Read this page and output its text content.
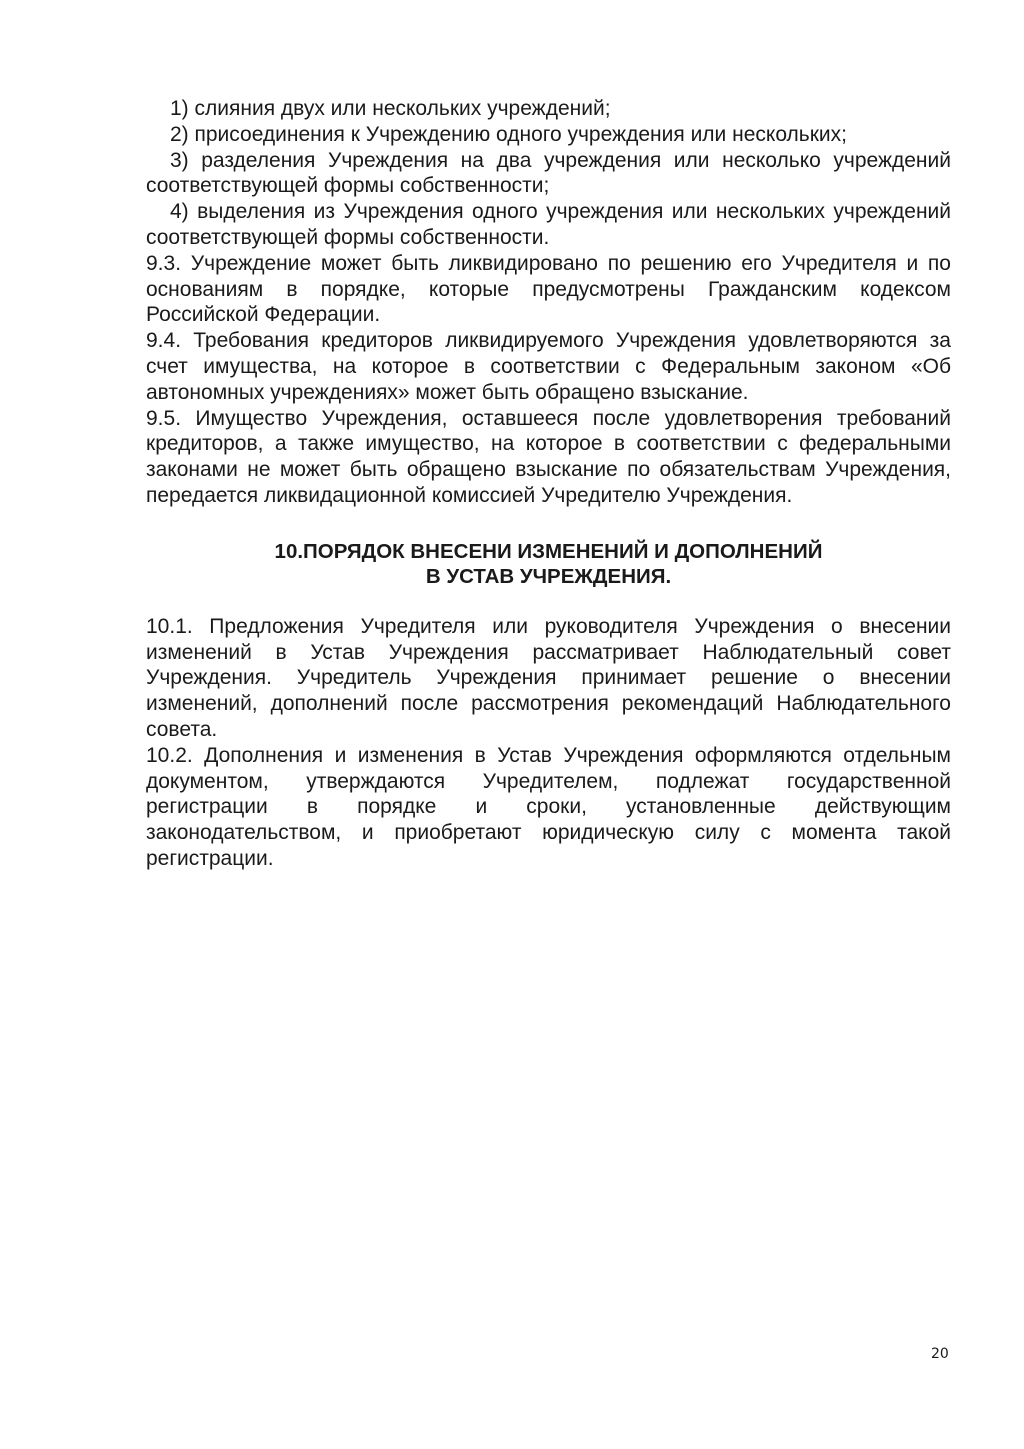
1) слияния двух или нескольких учреждений;

2) присоединения к Учреждению одного учреждения или нескольких;

3) разделения Учреждения на два учреждения или несколько учреждений соответствующей формы собственности;

4) выделения из Учреждения одного учреждения или нескольких учреждений соответствующей формы собственности.

9.3. Учреждение может быть ликвидировано по решению его Учредителя и по основаниям в порядке, которые предусмотрены Гражданским кодексом Российской Федерации.

9.4. Требования кредиторов ликвидируемого Учреждения удовлетворяются за счет имущества, на которое в соответствии с Федеральным законом «Об автономных учреждениях» может быть обращено взыскание.

9.5. Имущество Учреждения, оставшееся после удовлетворения требований кредиторов, а также имущество, на которое в соответствии с федеральными законами не может быть обращено взыскание по обязательствам Учреждения, передается ликвидационной комиссией Учредителю Учреждения.

10.ПОРЯДОК ВНЕСЕНИ ИЗМЕНЕНИЙ И ДОПОЛНЕНИЙ
В УСТАВ УЧРЕЖДЕНИЯ.

10.1. Предложения Учредителя или руководителя Учреждения о внесении изменений в Устав Учреждения рассматривает Наблюдательный совет Учреждения. Учредитель Учреждения принимает решение о внесении изменений, дополнений после рассмотрения рекомендаций Наблюдательного совета.

10.2. Дополнения и изменения в Устав Учреждения оформляются отдельным документом, утверждаются Учредителем, подлежат государственной регистрации в порядке и сроки, установленные действующим законодательством, и приобретают юридическую силу с момента такой регистрации.

20
